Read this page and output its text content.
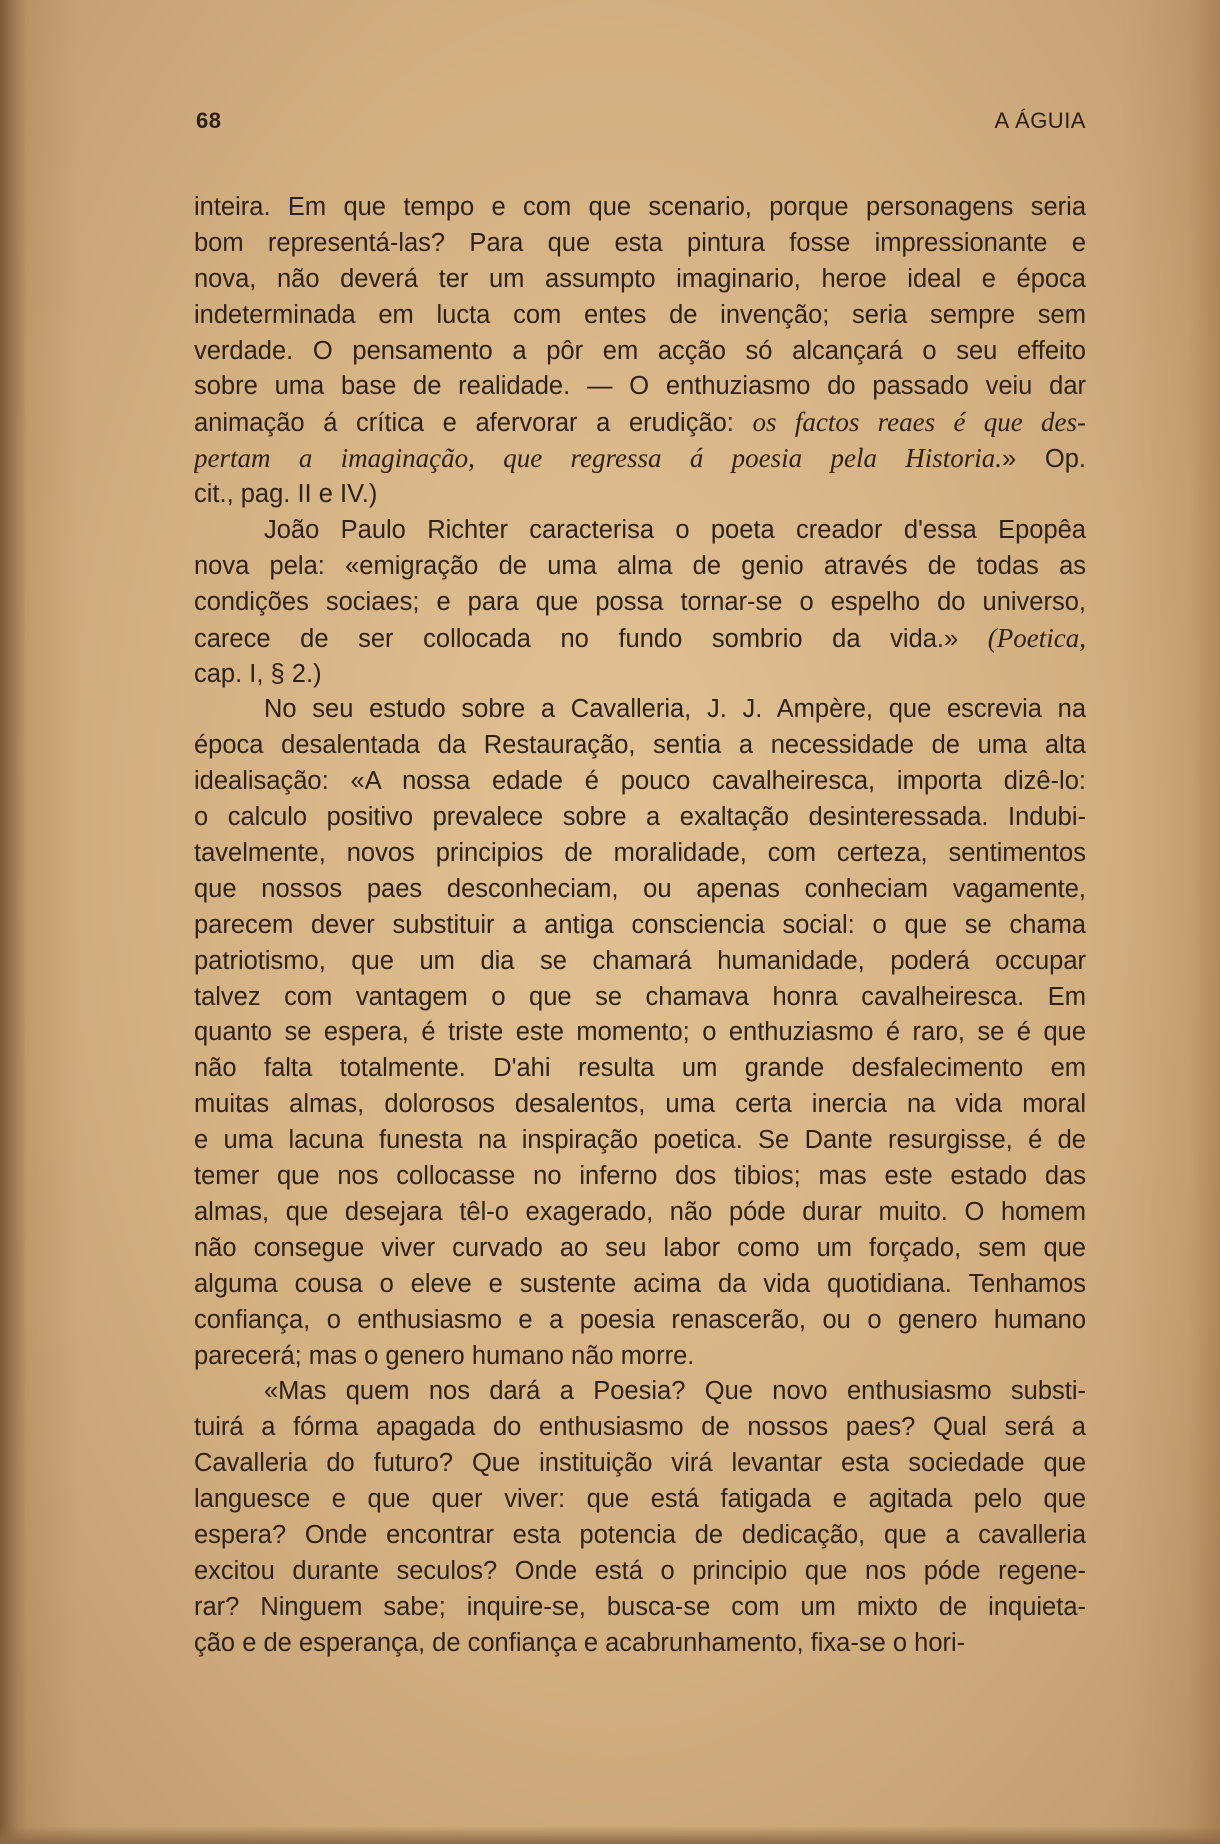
68	A ÁGUIA
inteira. Em que tempo e com que scenario, porque personagens seria
bom representá-las? Para que esta pintura fosse impressionante e
nova, não deverá ter um assumpto imaginario, heroe ideal e época
indeterminada em lucta com entes de invenção; seria sempre sem
verdade. O pensamento a pôr em acção só alcançará o seu effeito
sobre uma base de realidade. — O enthuziasmo do passado veiu dar
animação á crítica e afervorar a erudição: os factos reaes é que des-
pertam a imaginação, que regressa á poesia pela Historia.» Op.
cit., pag. II e IV.)
João Paulo Richter caracterisa o poeta creador d'essa Epopêa
nova pela: «emigração de uma alma de genio através de todas as
condições sociaes; e para que possa tornar-se o espelho do universo,
carece de ser collocada no fundo sombrio da vida.» (Poetica,
cap. I, § 2.)
No seu estudo sobre a Cavalleria, J. J. Ampère, que escrevia na
época desalentada da Restauração, sentia a necessidade de uma alta
idealisação: «A nossa edade é pouco cavalheiresca, importa dizê-lo:
o calculo positivo prevalece sobre a exaltação desinteressada. Indubi-
tavelmente, novos principios de moralidade, com certeza, sentimentos
que nossos paes desconheciam, ou apenas conheciam vagamente,
parecem dever substituir a antiga consciencia social: o que se chama
patriotismo, que um dia se chamará humanidade, poderá occupar
talvez com vantagem o que se chamava honra cavalheiresca. Em
quanto se espera, é triste este momento; o enthuziasmo é raro, se é que
não falta totalmente. D'ahi resulta um grande desfalecimento em
muitas almas, dolorosos desalentos, uma certa inercia na vida moral
e uma lacuna funesta na inspiração poetica. Se Dante resurgisse, é de
temer que nos collocasse no inferno dos tibios; mas este estado das
almas, que desejara têl-o exagerado, não póde durar muito. O homem
não consegue viver curvado ao seu labor como um forçado, sem que
alguma cousa o eleve e sustente acima da vida quotidiana. Tenhamos
confiança, o enthusiasmo e a poesia renascerão, ou o genero humano
parecerá; mas o genero humano não morre.
«Mas quem nos dará a Poesia? Que novo enthusiasmo substi-
tuirá a fórma apagada do enthusiasmo de nossos paes? Qual será a
Cavalleria do futuro? Que instituição virá levantar esta sociedade que
languesce e que quer viver: que está fatigada e agitada pelo que
espera? Onde encontrar esta potencia de dedicação, que a cavalleria
excitou durante seculos? Onde está o principio que nos póde regene-
rar? Ninguem sabe; inquire-se, busca-se com um mixto de inquieta-
ção e de esperança, de confiança e acabrunhamento, fixa-se o hori-
